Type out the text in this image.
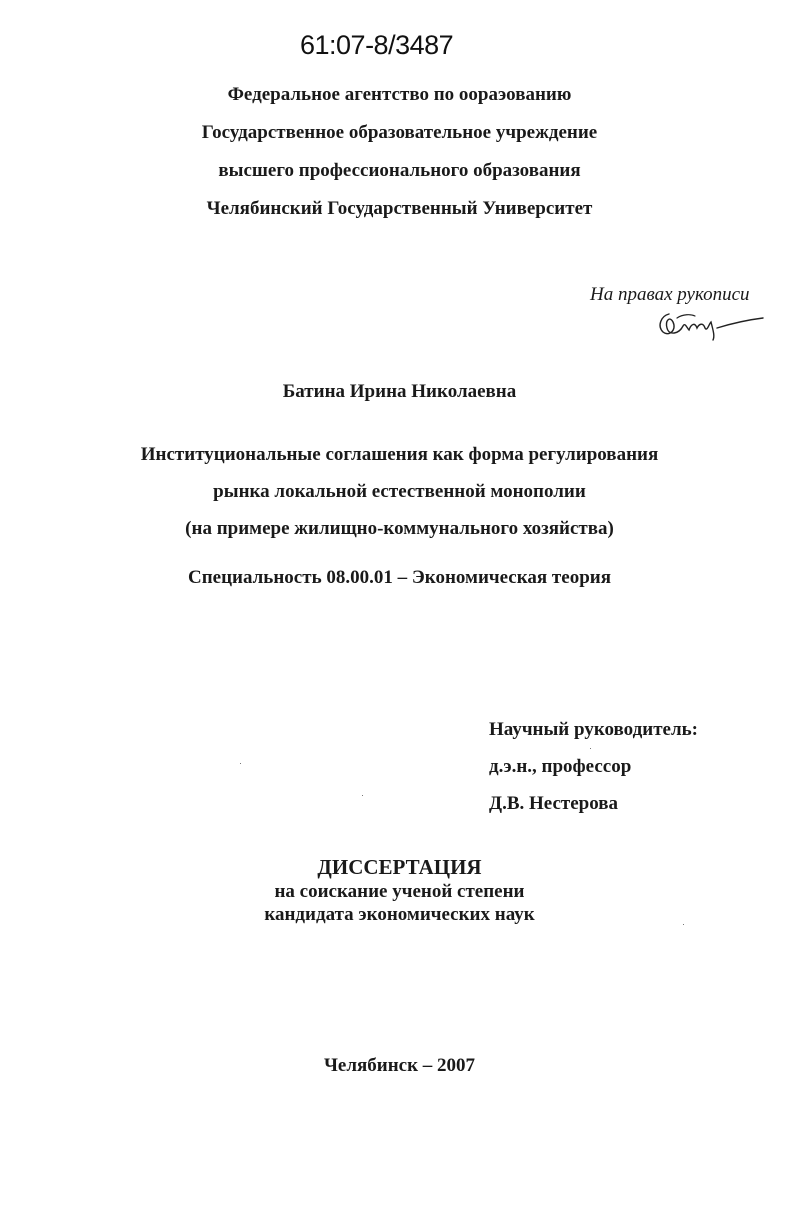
61:07-8/3487
Федеральное агентство по оораэованию
Государственное образовательное учреждение
высшего профессионального образования
Челябинский Государственный Университет
На правах рукописи
Батина Ирина Николаевна
Институциональные соглашения как форма регулирования
рынка локальной естественной монополии
(на примере жилищно-коммунального хозяйства)
Специальность 08.00.01 – Экономическая теория
Научный руководитель:
д.э.н., профессор
Д.В. Нестерова
ДИССЕРТАЦИЯ
на соискание ученой степени
кандидата экономических наук
Челябинск – 2007
